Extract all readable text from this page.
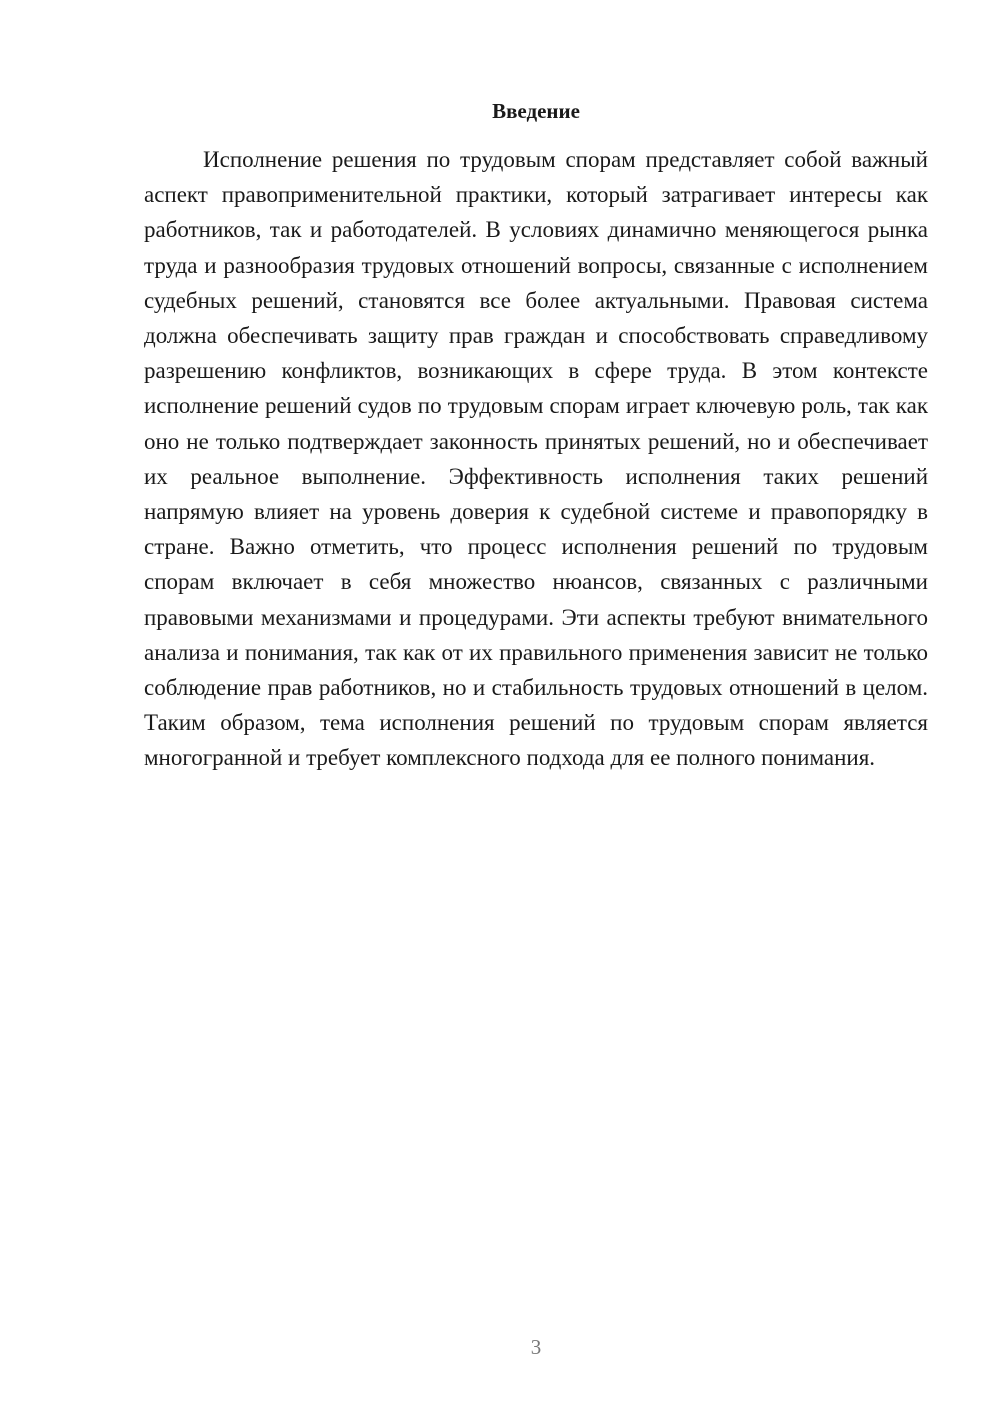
Введение

Исполнение решения по трудовым спорам представляет собой важный аспект правоприменительной практики, который затрагивает интересы как работников, так и работодателей. В условиях динамично меняющегося рынка труда и разнообразия трудовых отношений вопросы, связанные с исполнением судебных решений, становятся все более актуальными. Правовая система должна обеспечивать защиту прав граждан и способствовать справедливому разрешению конфликтов, возникающих в сфере труда. В этом контексте исполнение решений судов по трудовым спорам играет ключевую роль, так как оно не только подтверждает законность принятых решений, но и обеспечивает их реальное выполнение. Эффективность исполнения таких решений напрямую влияет на уровень доверия к судебной системе и правопорядку в стране. Важно отметить, что процесс исполнения решений по трудовым спорам включает в себя множество нюансов, связанных с различными правовыми механизмами и процедурами. Эти аспекты требуют внимательного анализа и понимания, так как от их правильного применения зависит не только соблюдение прав работников, но и стабильность трудовых отношений в целом. Таким образом, тема исполнения решений по трудовым спорам является многогранной и требует комплексного подхода для ее полного понимания.

3
